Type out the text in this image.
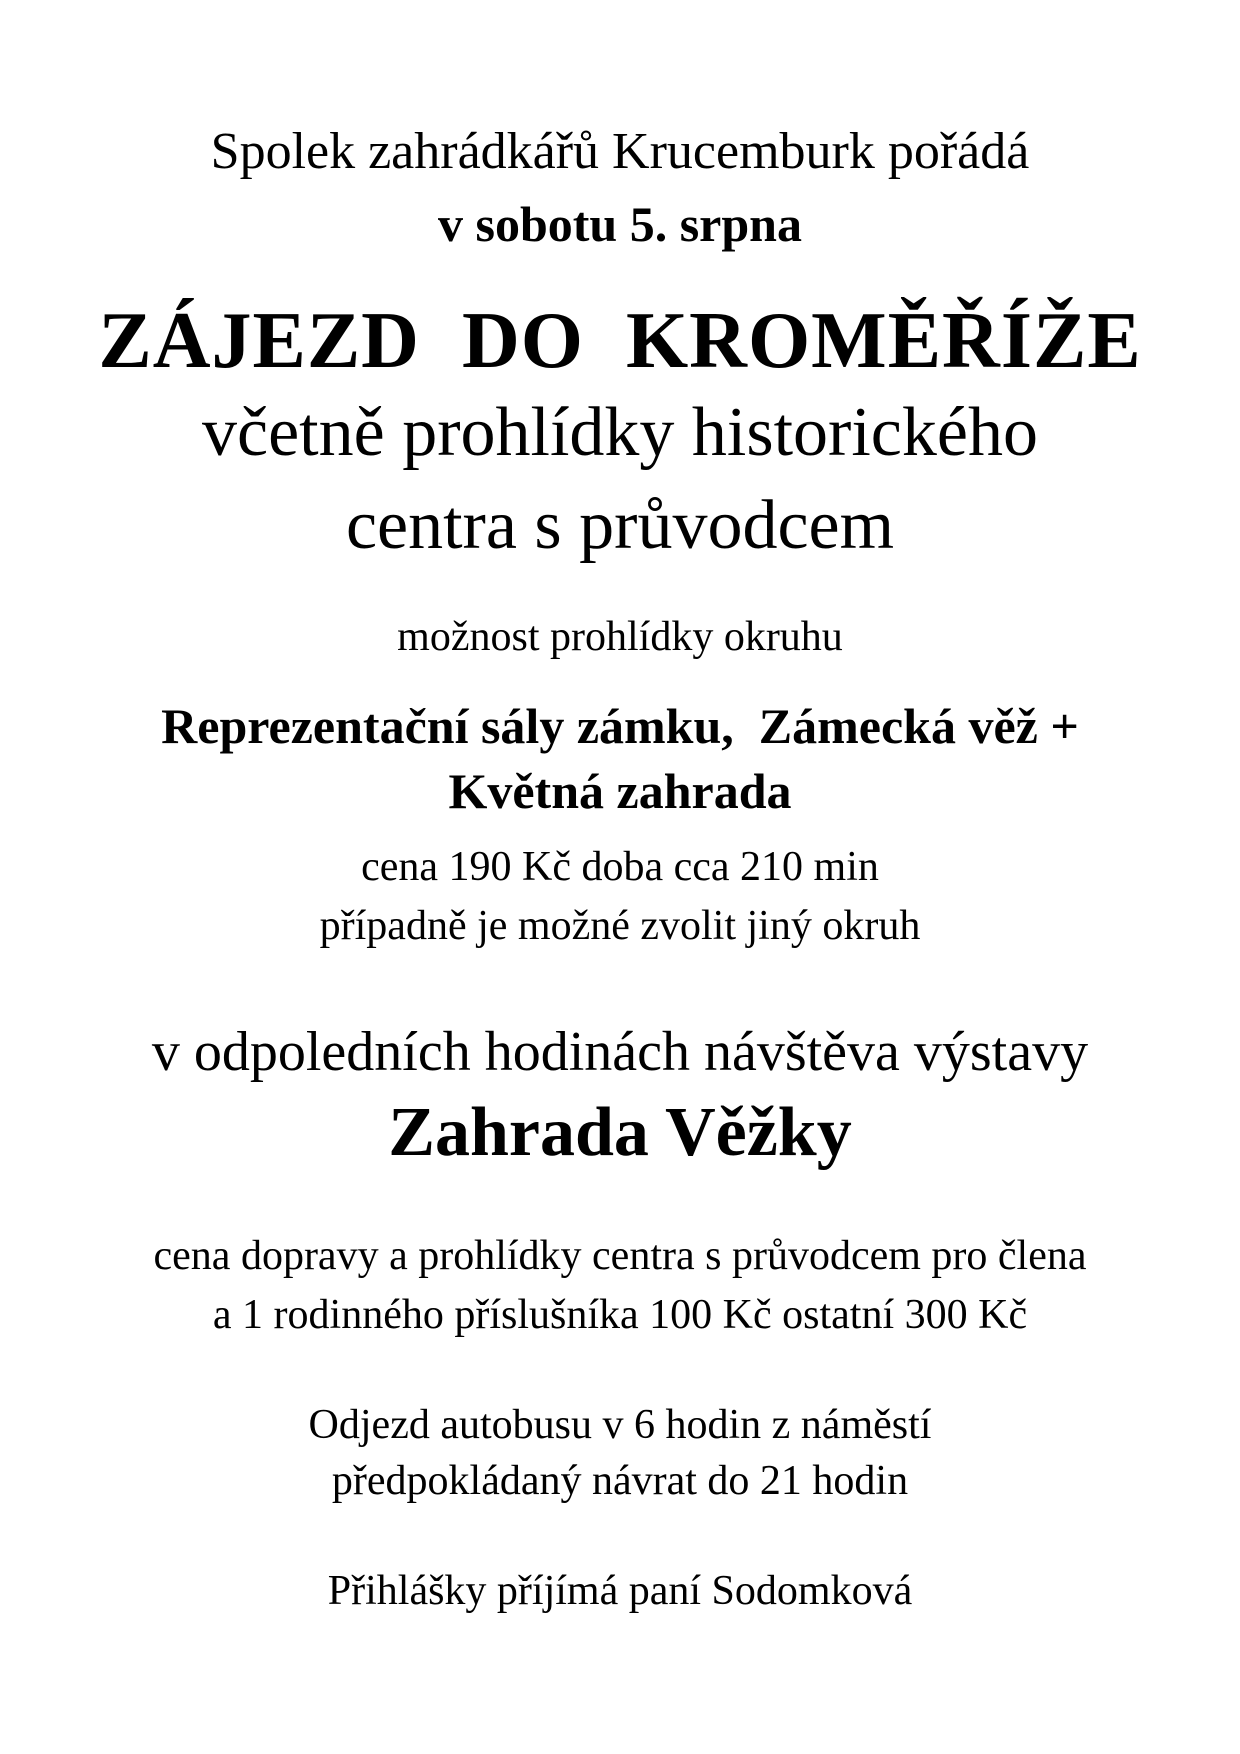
Spolek zahrádkářů Krucemburk pořádá
v sobotu 5. srpna
ZÁJEZD  DO  KROMĚŘÍŽE
včetně prohlídky historického
centra s průvodcem
možnost prohlídky okruhu
Reprezentační sály zámku,  Zámecká věž +
Květná zahrada
cena 190 Kč doba cca 210 min
případně je možné zvolit jiný okruh
v odpoledních hodinách návštěva výstavy
Zahrada Věžky
cena dopravy a prohlídky centra s průvodcem pro člena
a 1 rodinného příslušníka 100 Kč ostatní 300 Kč
Odjezd autobusu v 6 hodin z náměstí
předpokládaný návrat do 21 hodin
Přihlášky příjímá paní Sodomková
